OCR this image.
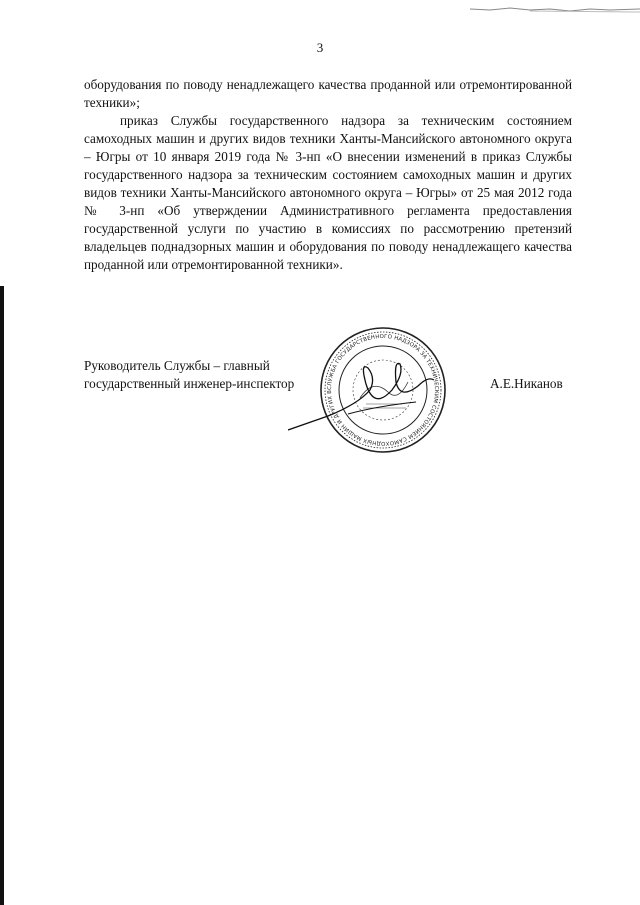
3

оборудования по поводу ненадлежащего качества проданной или отремонтированной техники»;

приказ Службы государственного надзора за техническим состоянием самоходных машин и других видов техники Ханты-Мансийского автономного округа – Югры от 10 января 2019 года № 3-нп «О внесении изменений в приказ Службы государственного надзора за техническим состоянием самоходных машин и других видов техники Ханты-Мансийского автономного округа – Югры» от 25 мая 2012 года № 3-нп «Об утверждении Административного регламента предоставления государственной услуги по участию в комиссиях по рассмотрению претензий владельцев поднадзорных машин и оборудования по поводу ненадлежащего качества проданной или отремонтированной техники».

Руководитель Службы – главный
государственный инженер-инспектор	А.Е.Никанов
СЛУЖБА ГОСУДАРСТВЕННОГО НАДЗОРА ЗА ТЕХНИЧЕСКИМ СОСТОЯНИЕМ САМОХОДНЫХ МАШИН И ДРУГИХ В
